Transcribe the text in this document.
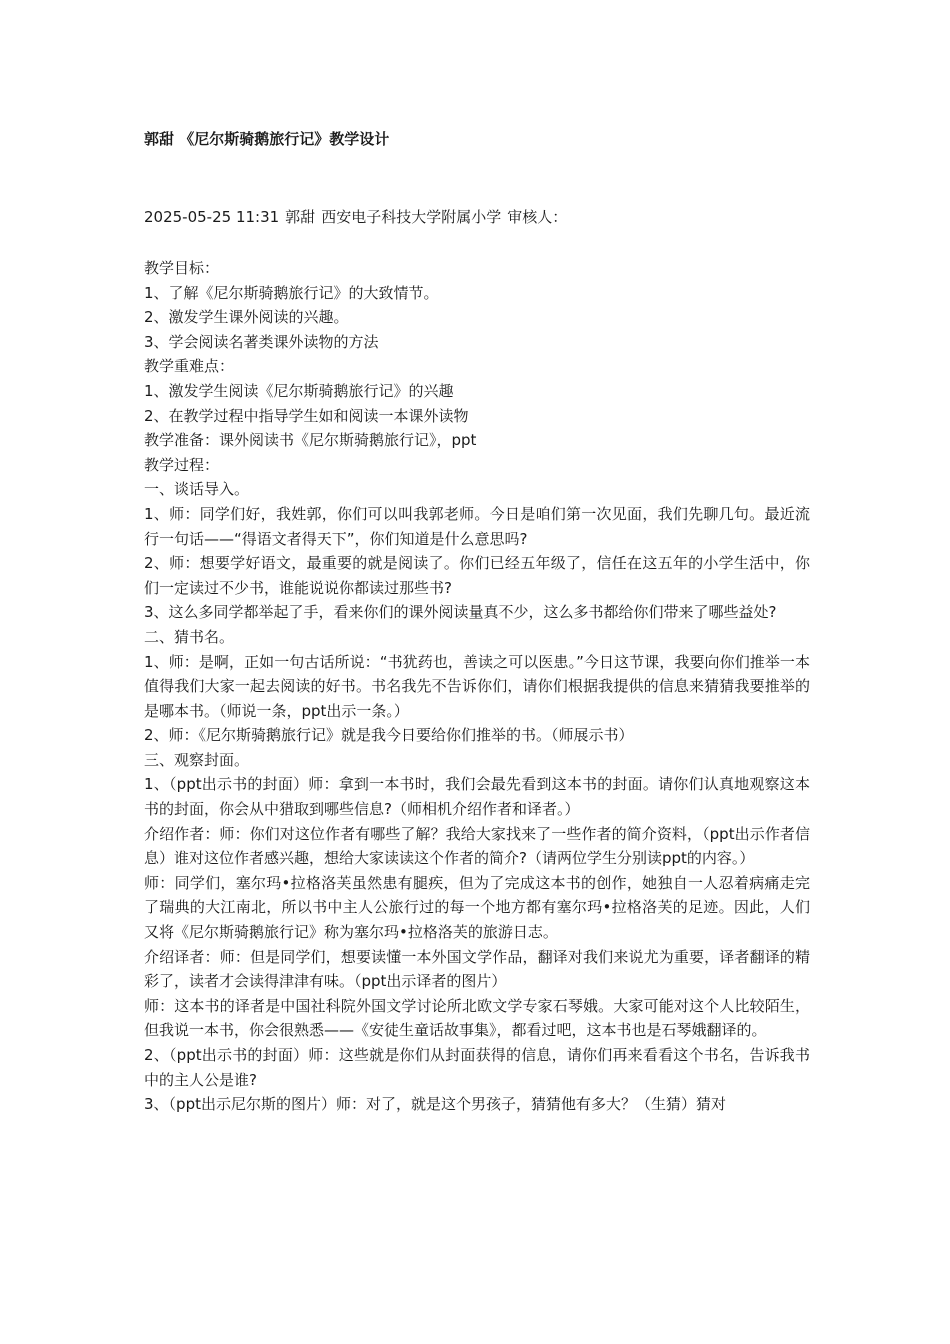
郭甜 《尼尔斯骑鹅旅行记》教学设计
2025-05-25 11:31 郭甜 西安电子科技大学附属小学 审核人：

教学目标：

1、了解《尼尔斯骑鹅旅行记》的大致情节。

2、激发学生课外阅读的兴趣。

3、学会阅读名著类课外读物的方法

教学重难点：

1、激发学生阅读《尼尔斯骑鹅旅行记》的兴趣

2、在教学过程中指导学生如和阅读一本课外读物

教学准备：课外阅读书《尼尔斯骑鹅旅行记》，ppt

教学过程：

一、谈话导入。

1、师：同学们好，我姓郭，你们可以叫我郭老师。今日是咱们第一次见面，我们先聊几句。最近流行一句话——“得语文者得天下”，你们知道是什么意思吗?

2、师：想要学好语文，最重要的就是阅读了。你们已经五年级了，信任在这五年的小学生活中，你们一定读过不少书，谁能说说你都读过那些书?

3、这么多同学都举起了手，看来你们的课外阅读量真不少，这么多书都给你们带来了哪些益处?

二、猜书名。

1、师：是啊，正如一句古话所说：“书犹药也，善读之可以医患。”今日这节课，我要向你们推举一本值得我们大家一起去阅读的好书。书名我先不告诉你们，请你们根据我提供的信息来猜猜我要推举的是哪本书。（师说一条，ppt出示一条。）

2、师：《尼尔斯骑鹅旅行记》就是我今日要给你们推举的书。（师展示书）

三、观察封面。

1、（ppt出示书的封面）师：拿到一本书时，我们会最先看到这本书的封面。请你们认真地观察这本书的封面，你会从中猎取到哪些信息?（师相机介绍作者和译者。）

介绍作者：师：你们对这位作者有哪些了解？我给大家找来了一些作者的简介资料，（ppt出示作者信息）谁对这位作者感兴趣，想给大家读读这个作者的简介?（请两位学生分别读ppt的内容。）

师：同学们，塞尔玛•拉格洛芙虽然患有腿疾，但为了完成这本书的创作，她独自一人忍着病痛走完了瑞典的大江南北，所以书中主人公旅行过的每一个地方都有塞尔玛•拉格洛芙的足迹。因此，人们又将《尼尔斯骑鹅旅行记》称为塞尔玛•拉格洛芙的旅游日志。

介绍译者：师：但是同学们，想要读懂一本外国文学作品，翻译对我们来说尤为重要，译者翻译的精彩了，读者才会读得津津有味。（ppt出示译者的图片）

师：这本书的译者是中国社科院外国文学讨论所北欧文学专家石琴娥。大家可能对这个人比较陌生，但我说一本书，你会很熟悉——《安徒生童话故事集》，都看过吧，这本书也是石琴娥翻译的。

2、（ppt出示书的封面）师：这些就是你们从封面获得的信息，请你们再来看看这个书名，告诉我书中的主人公是谁?

3、（ppt出示尼尔斯的图片）师：对了，就是这个男孩子，猜猜他有多大？（生猜）猜对
